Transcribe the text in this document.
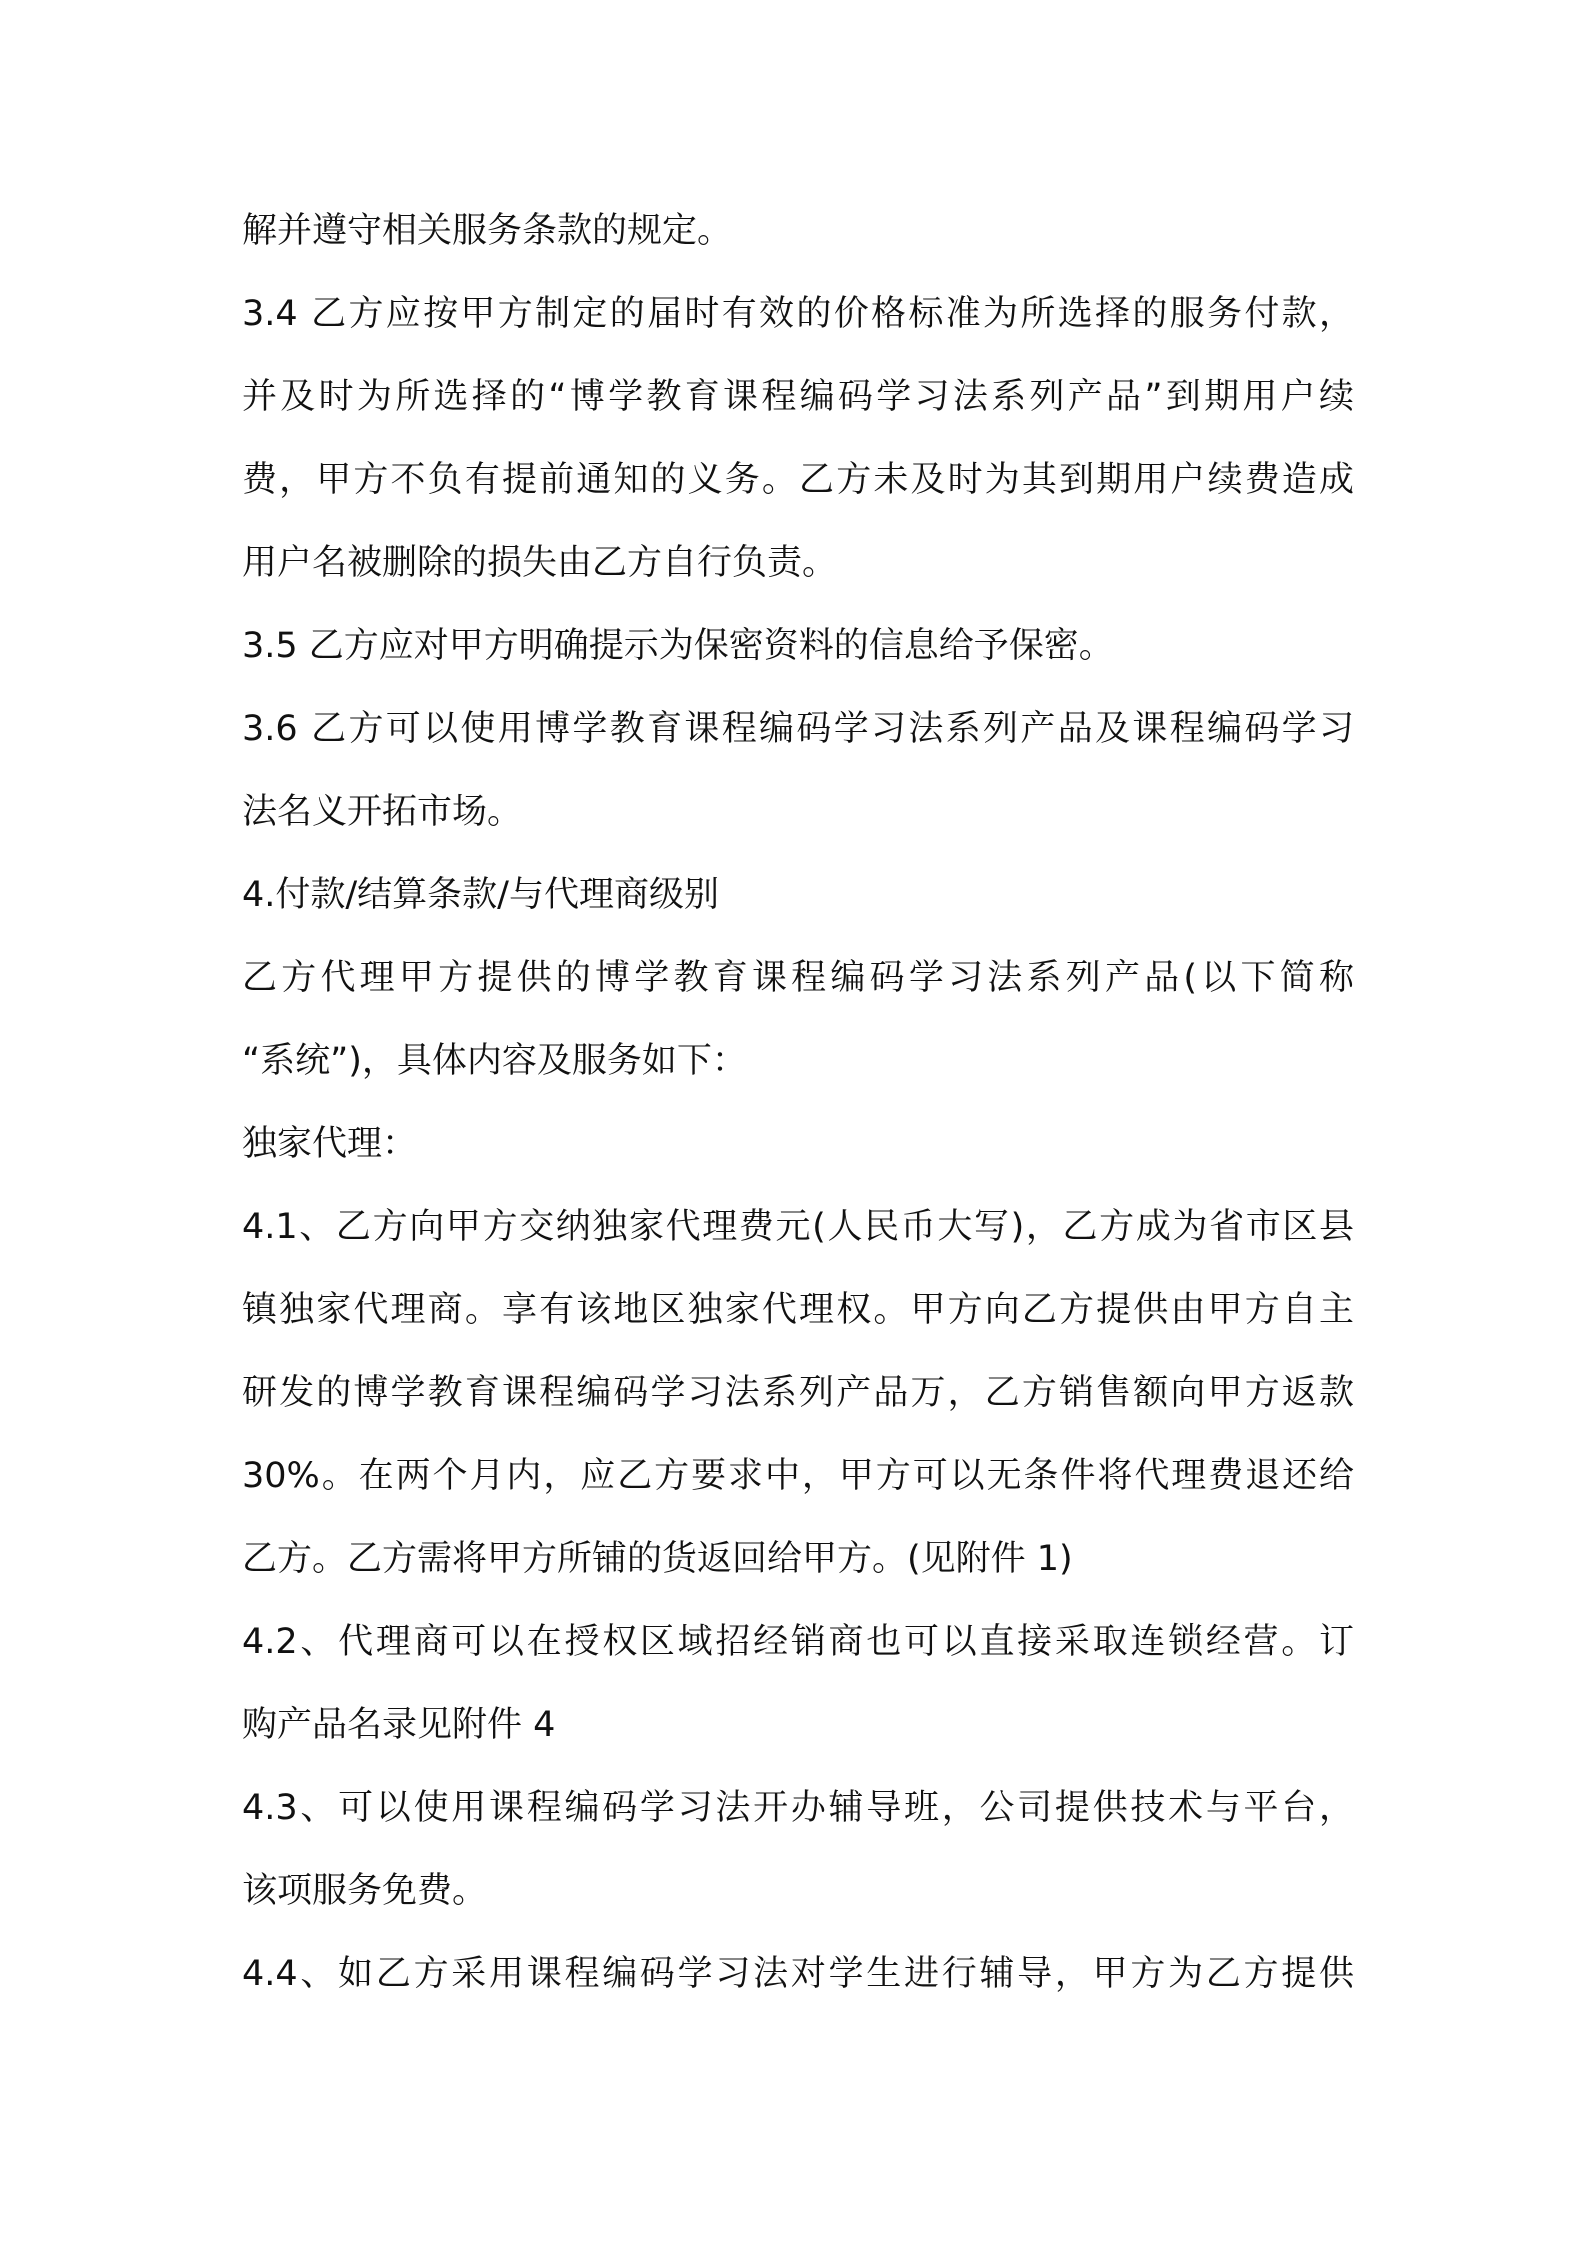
解并遵守相关服务条款的规定。
3.4 乙方应按甲方制定的届时有效的价格标准为所选择的服务付款，
并及时为所选择的“博学教育课程编码学习法系列产品”到期用户续
费，甲方不负有提前通知的义务。乙方未及时为其到期用户续费造成
用户名被删除的损失由乙方自行负责。
3.5 乙方应对甲方明确提示为保密资料的信息给予保密。
3.6 乙方可以使用博学教育课程编码学习法系列产品及课程编码学习
法名义开拓市场。
4.付款/结算条款/与代理商级别
乙方代理甲方提供的博学教育课程编码学习法系列产品(以下简称
“系统”)，具体内容及服务如下：
独家代理：
4.1、乙方向甲方交纳独家代理费元(人民币大写)，乙方成为省市区县
镇独家代理商。享有该地区独家代理权。甲方向乙方提供由甲方自主
研发的博学教育课程编码学习法系列产品万，乙方销售额向甲方返款
30%。在两个月内，应乙方要求中，甲方可以无条件将代理费退还给
乙方。乙方需将甲方所铺的货返回给甲方。(见附件 1)
4.2、代理商可以在授权区域招经销商也可以直接采取连锁经营。订
购产品名录见附件 4
4.3、可以使用课程编码学习法开办辅导班，公司提供技术与平台，
该项服务免费。
4.4、如乙方采用课程编码学习法对学生进行辅导，甲方为乙方提供
